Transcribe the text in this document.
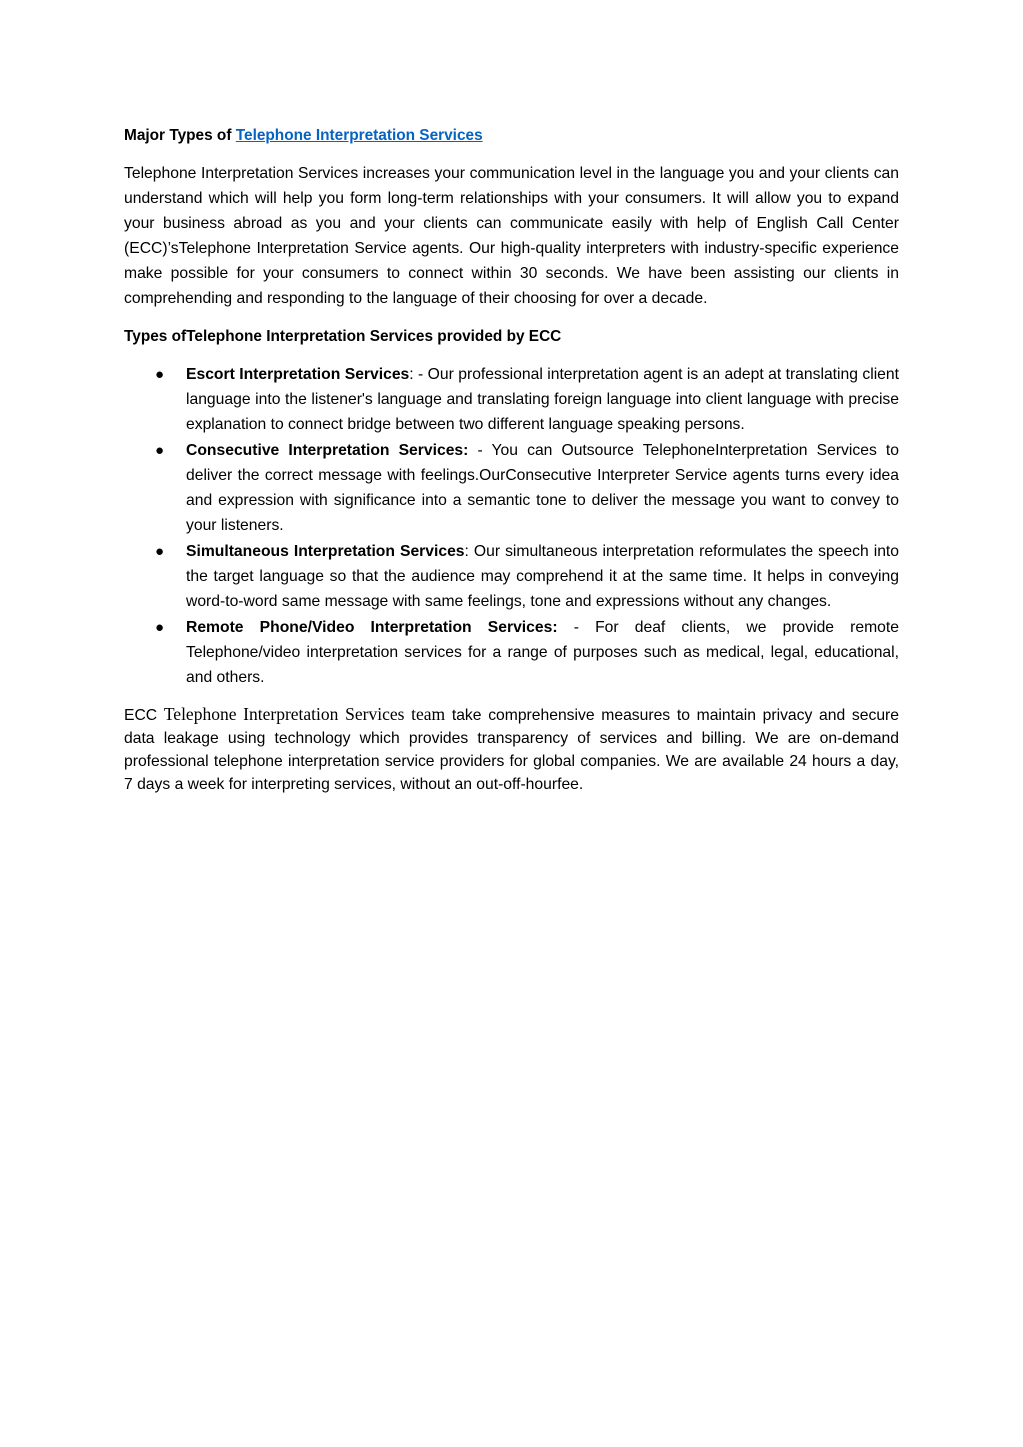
Major Types of Telephone Interpretation Services

Telephone Interpretation Services increases your communication level in the language you and your clients can understand which will help you form long-term relationships with your consumers. It will allow you to expand your business abroad as you and your clients can communicate easily with help of English Call Center (ECC)’sTelephone Interpretation Service agents. Our high-quality interpreters with industry-specific experience make possible for your consumers to connect within 30 seconds. We have been assisting our clients in comprehending and responding to the language of their choosing for over a decade.

Types ofTelephone Interpretation Services provided by ECC
● Escort Interpretation Services: - Our professional interpretation agent is an adept at translating client language into the listener's language and translating foreign language into client language with precise explanation to connect bridge between two different language speaking persons.
● Consecutive Interpretation Services: - You can Outsource TelephoneInterpretation Services to deliver the correct message with feelings.OurConsecutive Interpreter Service agents turns every idea and expression with significance into a semantic tone to deliver the message you want to convey to your listeners.
● Simultaneous Interpretation Services: Our simultaneous interpretation reformulates the speech into the target language so that the audience may comprehend it at the same time. It helps in conveying word-to-word same message with same feelings, tone and expressions without any changes.
● Remote Phone/Video Interpretation Services: - For deaf clients, we provide remote Telephone/video interpretation services for a range of purposes such as medical, legal, educational, and others.

ECC Telephone Interpretation Services team take comprehensive measures to maintain privacy and secure data leakage using technology which provides transparency of services and billing. We are on-demand professional telephone interpretation service providers for global companies. We are available 24 hours a day, 7 days a week for interpreting services, without an out-off-hourfee.
